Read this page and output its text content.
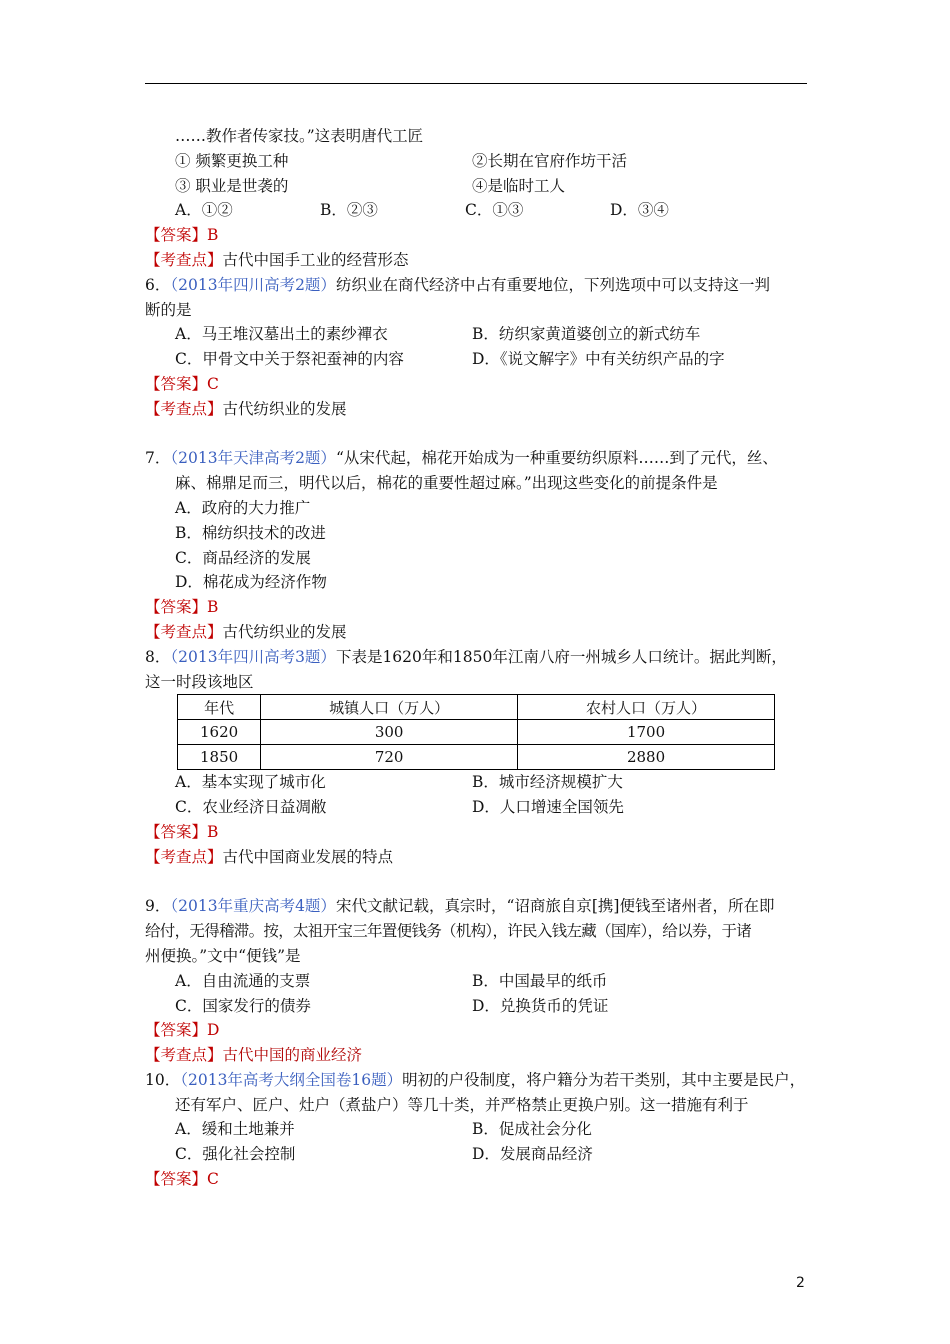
……教作者传家技。”这表明唐代工匠
① 频繁更换工种	②长期在官府作坊干活
③ 职业是世袭的	④是临时工人
A．①②	B．②③	C．①③	D．③④
【答案】B
【考查点】古代中国手工业的经营形态
6．（2013年四川高考2题）纺织业在商代经济中占有重要地位，下列选项中可以支持这一判
断的是
A．马王堆汉墓出土的素纱襌衣	B．纺织家黄道婆创立的新式纺车
C．甲骨文中关于祭祀蚕神的内容	D．《说文解字》中有关纺织产品的字
【答案】C
【考查点】古代纺织业的发展
7．（2013年天津高考2题）“从宋代起，棉花开始成为一种重要纺织原料……到了元代，丝、
麻、棉鼎足而三，明代以后，棉花的重要性超过麻。”出现这些变化的前提条件是
A．政府的大力推广
B．棉纺织技术的改进
C．商品经济的发展
D．棉花成为经济作物
【答案】B
【考查点】古代纺织业的发展
8．（2013年四川高考3题）下表是1620年和1850年江南八府一州城乡人口统计。据此判断，
这一时段该地区
年代	城镇人口（万人）	农村人口（万人）
1620	300	1700
1850	720	2880
A．基本实现了城市化	B．城市经济规模扩大
C．农业经济日益凋敝	D．人口增速全国领先
【答案】B
【考查点】古代中国商业发展的特点
9．（2013年重庆高考4题）宋代文献记载，真宗时，“诏商旅自京[携]便钱至诸州者，所在即
给付，无得稽滞。按，太祖开宝三年置便钱务（机构），许民入钱左藏（国库），给以券，于诸
州便换。”文中“便钱”是
A．自由流通的支票	B．中国最早的纸币
C．国家发行的债券	D．兑换货币的凭证
【答案】D
【考查点】古代中国的商业经济
10．（2013年高考大纲全国卷16题）明初的户役制度，将户籍分为若干类别，其中主要是民户，
还有军户、匠户、灶户（煮盐户）等几十类，并严格禁止更换户别。这一措施有利于
A．缓和土地兼并	B．促成社会分化
C．强化社会控制	D．发展商品经济
【答案】C
2
